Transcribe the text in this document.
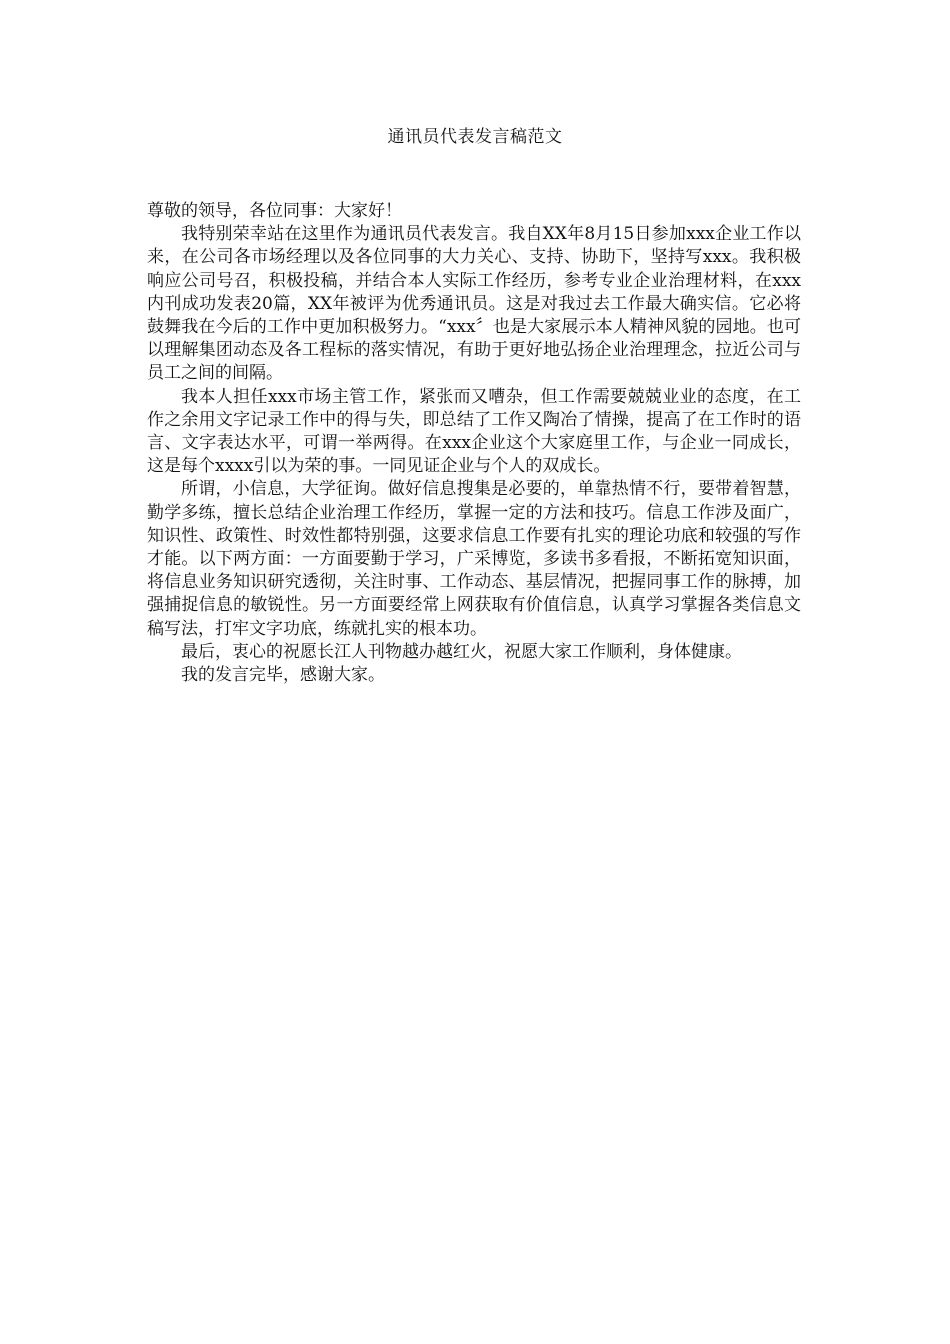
通讯员代表发言稿范文

尊敬的领导，各位同事：大家好！

我特别荣幸站在这里作为通讯员代表发言。我自XX年8月15日参加xxx企业工作以来，在公司各市场经理以及各位同事的大力关心、支持、协助下，坚持写xxx。我积极响应公司号召，积极投稿，并结合本人实际工作经历，参考专业企业治理材料，在xxx内刊成功发表20篇，XX年被评为优秀通讯员。这是对我过去工作最大确实信。它必将鼓舞我在今后的工作中更加积极努力。“xxx〞也是大家展示本人精神风貌的园地。也可以理解集团动态及各工程标的落实情况，有助于更好地弘扬企业治理理念，拉近公司与员工之间的间隔。

我本人担任xxx市场主管工作，紧张而又嘈杂，但工作需要兢兢业业的态度，在工作之余用文字记录工作中的得与失，即总结了工作又陶冶了情操，提高了在工作时的语言、文字表达水平，可谓一举两得。在xxx企业这个大家庭里工作，与企业一同成长，这是每个xxxx引以为荣的事。一同见证企业与个人的双成长。

所谓，小信息，大学征询。做好信息搜集是必要的，单靠热情不行，要带着智慧，勤学多练，擅长总结企业治理工作经历，掌握一定的方法和技巧。信息工作涉及面广，知识性、政策性、时效性都特别强，这要求信息工作要有扎实的理论功底和较强的写作才能。以下两方面：一方面要勤于学习，广采博览，多读书多看报，不断拓宽知识面，将信息业务知识研究透彻，关注时事、工作动态、基层情况，把握同事工作的脉搏，加强捕捉信息的敏锐性。另一方面要经常上网获取有价值信息，认真学习掌握各类信息文稿写法，打牢文字功底，练就扎实的根本功。

最后，衷心的祝愿长江人刊物越办越红火，祝愿大家工作顺利，身体健康。

我的发言完毕，感谢大家。
